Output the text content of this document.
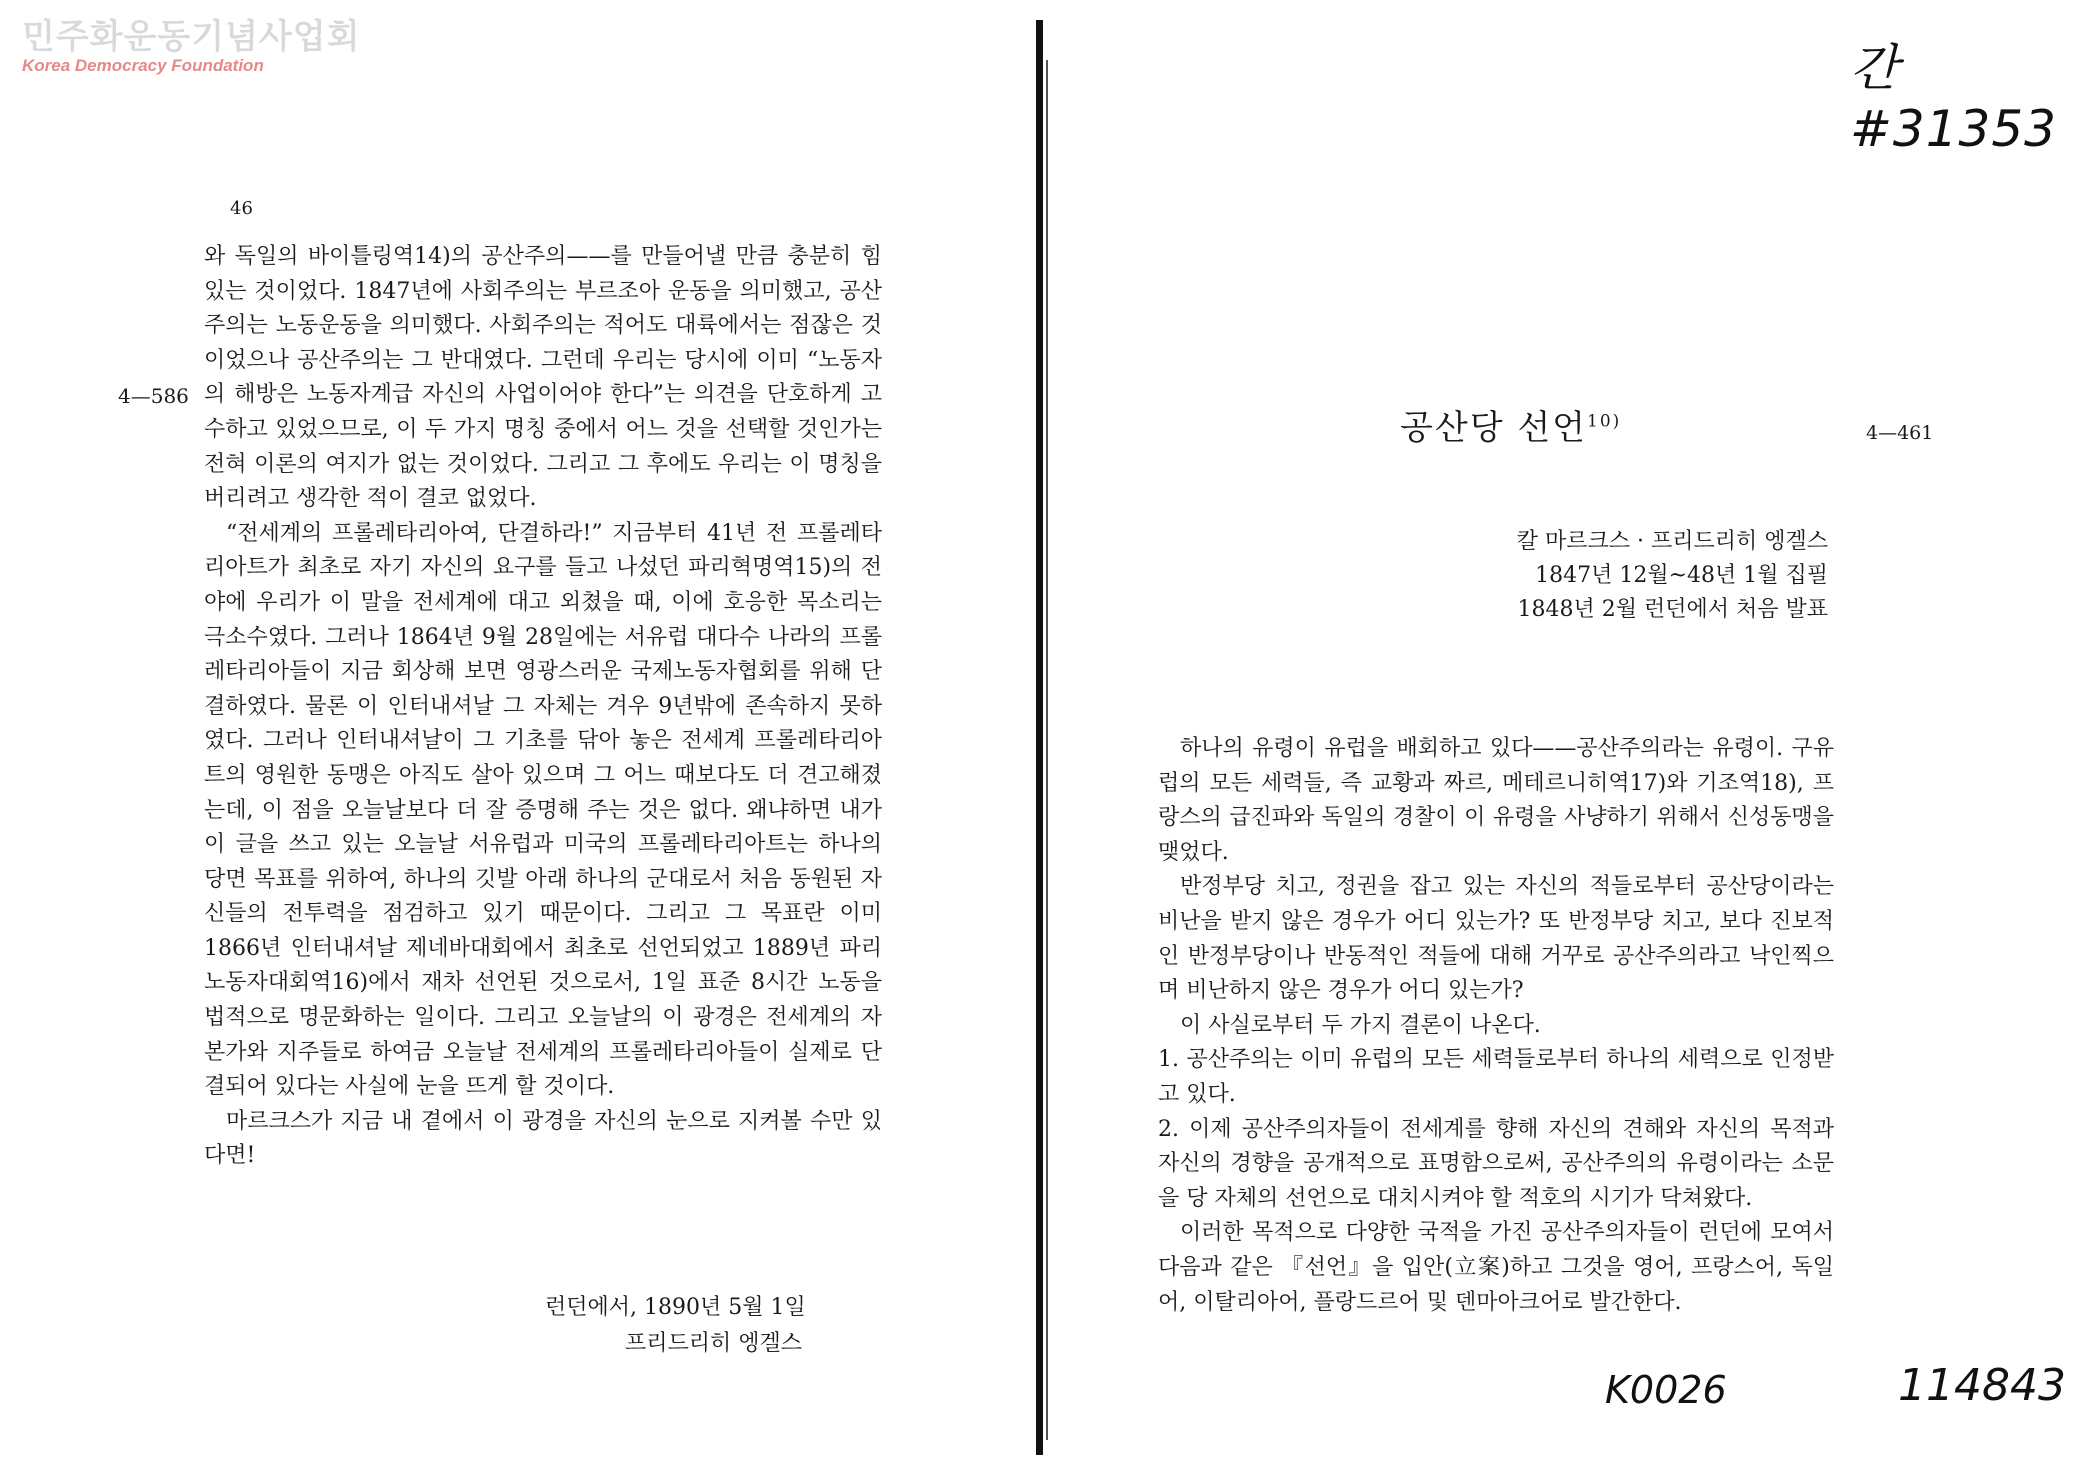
민주화운동기념사업회
Korea Democracy Foundation
46
4—586

와 독일의 바이틀링역14)의 공산주의——를 만들어낼 만큼 충분히 힘있는 것이었다. 1847년에 사회주의는 부르조아 운동을 의미했고, 공산주의는 노동운동을 의미했다. 사회주의는 적어도 대륙에서는 점잖은 것이었으나 공산주의는 그 반대였다. 그런데 우리는 당시에 이미 “노동자의 해방은 노동자계급 자신의 사업이어야 한다”는 의견을 단호하게 고수하고 있었으므로, 이 두 가지 명칭 중에서 어느 것을 선택할 것인가는 전혀 이론의 여지가 없는 것이었다. 그리고 그 후에도 우리는 이 명칭을 버리려고 생각한 적이 결코 없었다.

“전세계의 프롤레타리아여, 단결하라!” 지금부터 41년 전 프롤레타리아트가 최초로 자기 자신의 요구를 들고 나섰던 파리혁명역15)의 전야에 우리가 이 말을 전세계에 대고 외쳤을 때, 이에 호응한 목소리는 극소수였다. 그러나 1864년 9월 28일에는 서유럽 대다수 나라의 프롤레타리아들이 지금 회상해 보면 영광스러운 국제노동자협회를 위해 단결하였다. 물론 이 인터내셔날 그 자체는 겨우 9년밖에 존속하지 못하였다. 그러나 인터내셔날이 그 기초를 닦아 놓은 전세계 프롤레타리아트의 영원한 동맹은 아직도 살아 있으며 그 어느 때보다도 더 견고해졌는데, 이 점을 오늘날보다 더 잘 증명해 주는 것은 없다. 왜냐하면 내가 이 글을 쓰고 있는 오늘날 서유럽과 미국의 프롤레타리아트는 하나의 당면 목표를 위하여, 하나의 깃발 아래 하나의 군대로서 처음 동원된 자신들의 전투력을 점검하고 있기 때문이다. 그리고 그 목표란 이미 1866년 인터내셔날 제네바대회에서 최초로 선언되었고 1889년 파리 노동자대회역16)에서 재차 선언된 것으로서, 1일 표준 8시간 노동을 법적으로 명문화하는 일이다. 그리고 오늘날의 이 광경은 전세계의 자본가와 지주들로 하여금 오늘날 전세계의 프롤레타리아들이 실제로 단결되어 있다는 사실에 눈을 뜨게 할 것이다.

마르크스가 지금 내 곁에서 이 광경을 자신의 눈으로 지켜볼 수만 있다면!

런던에서, 1890년 5월 1일
프리드리히 엥겔스
공산당 선언$^{10)}$
4—461
칼 마르크스 · 프리드리히 엥겔스
1847년 12월~48년 1월 집필
1848년 2월 런던에서 처음 발표

하나의 유령이 유럽을 배회하고 있다——공산주의라는 유령이. 구유럽의 모든 세력들, 즉 교황과 짜르, 메테르니히역17)와 기조역18), 프랑스의 급진파와 독일의 경찰이 이 유령을 사냥하기 위해서 신성동맹을 맺었다.

반정부당 치고, 정권을 잡고 있는 자신의 적들로부터 공산당이라는 비난을 받지 않은 경우가 어디 있는가? 또 반정부당 치고, 보다 진보적인 반정부당이나 반동적인 적들에 대해 거꾸로 공산주의라고 낙인찍으며 비난하지 않은 경우가 어디 있는가?

이 사실로부터 두 가지 결론이 나온다.

1. 공산주의는 이미 유럽의 모든 세력들로부터 하나의 세력으로 인정받고 있다.

2. 이제 공산주의자들이 전세계를 향해 자신의 견해와 자신의 목적과 자신의 경향을 공개적으로 표명함으로써, 공산주의의 유령이라는 소문을 당 자체의 선언으로 대치시켜야 할 적호의 시기가 닥쳐왔다.

이러한 목적으로 다양한 국적을 가진 공산주의자들이 런던에 모여서 다음과 같은 『선언』을 입안(立案)하고 그것을 영어, 프랑스어, 독일어, 이탈리아어, 플랑드르어 및 덴마아크어로 발간한다.

간 #31353
K0026	114843
